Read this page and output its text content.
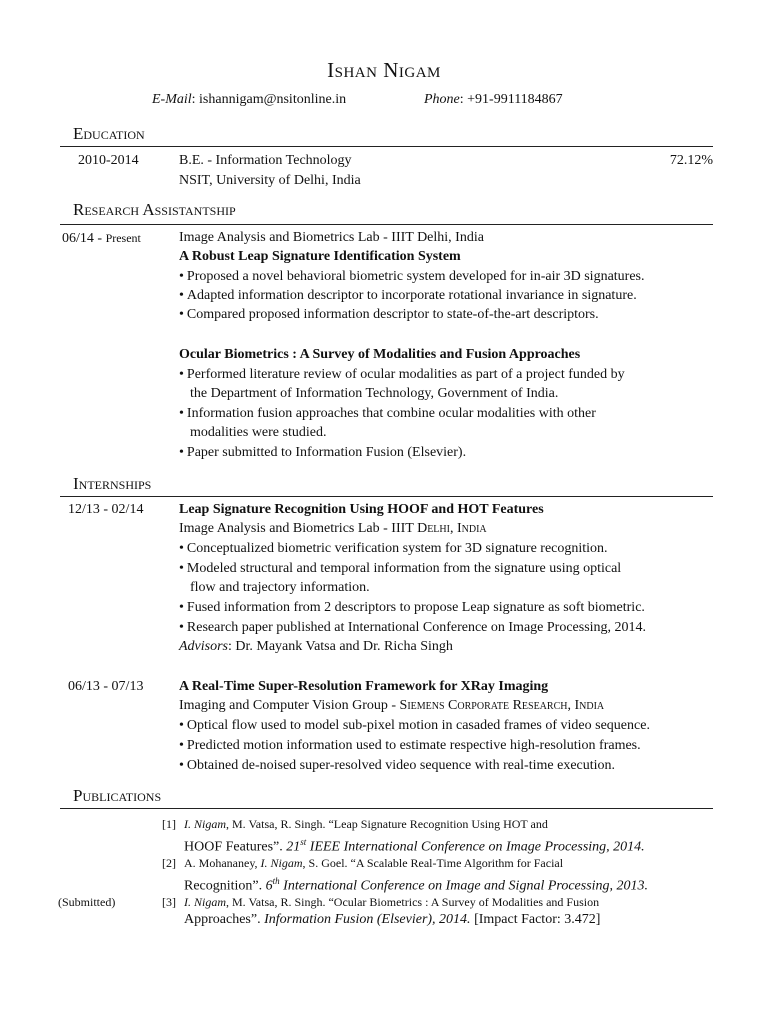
Ishan Nigam
E-Mail: ishannigam@nsitonline.in	Phone: +91-9911184867
Education
2010-2014	B.E. - Information Technology	72.12%
NSIT, University of Delhi, India
Research Assistantship
06/14 - Present	Image Analysis and Biometrics Lab - IIIT Delhi, India
A Robust Leap Signature Identification System
• Proposed a novel behavioral biometric system developed for in-air 3D signatures.
• Adapted information descriptor to incorporate rotational invariance in signature.
• Compared proposed information descriptor to state-of-the-art descriptors.
Ocular Biometrics : A Survey of Modalities and Fusion Approaches
• Performed literature review of ocular modalities as part of a project funded by
the Department of Information Technology, Government of India.
• Information fusion approaches that combine ocular modalities with other
modalities were studied.
• Paper submitted to Information Fusion (Elsevier).
Internships
12/13 - 02/14	Leap Signature Recognition Using HOOF and HOT Features
Image Analysis and Biometrics Lab - IIIT Delhi, India
• Conceptualized biometric verification system for 3D signature recognition.
• Modeled structural and temporal information from the signature using optical
flow and trajectory information.
• Fused information from 2 descriptors to propose Leap signature as soft biometric.
• Research paper published at International Conference on Image Processing, 2014.
Advisors: Dr. Mayank Vatsa and Dr. Richa Singh
06/13 - 07/13	A Real-Time Super-Resolution Framework for XRay Imaging
Imaging and Computer Vision Group - Siemens Corporate Research, India
• Optical flow used to model sub-pixel motion in casaded frames of video sequence.
• Predicted motion information used to estimate respective high-resolution frames.
• Obtained de-noised super-resolved video sequence with real-time execution.
Publications
[1] I. Nigam, M. Vatsa, R. Singh. “Leap Signature Recognition Using HOT and
HOOF Features”. 21st IEEE International Conference on Image Processing, 2014.
[2] A. Mohananey, I. Nigam, S. Goel. “A Scalable Real-Time Algorithm for Facial
Recognition”. 6th International Conference on Image and Signal Processing, 2013.
(Submitted)	[3] I. Nigam, M. Vatsa, R. Singh. “Ocular Biometrics : A Survey of Modalities and Fusion
Approaches”. Information Fusion (Elsevier), 2014. [Impact Factor: 3.472]
